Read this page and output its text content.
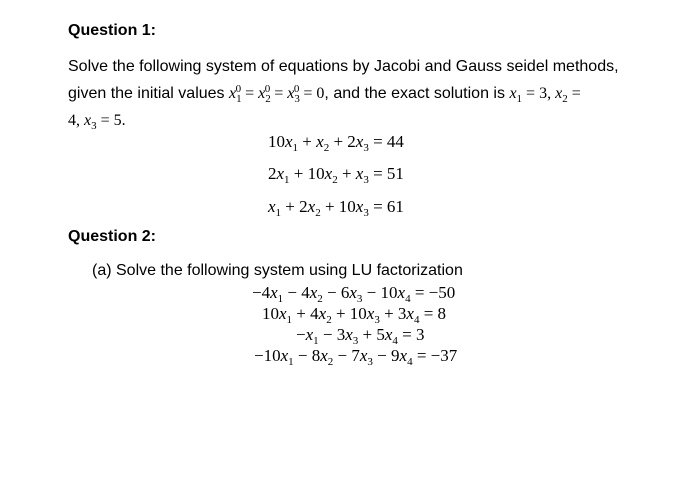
Question 1:
Solve the following system of equations by Jacobi and Gauss seidel methods,
given the initial values $x_1^0 = x_2^0 = x_3^0 = 0$, and the exact solution is $x_1 = 3$, $x_2$ =
4, $x_3 = 5$.
$10x_1 + x_2 + 2x_3 = 44$
$2x_1 + 10x_2 + x_3 = 51$
$x_1 + 2x_2 + 10x_3 = 61$
Question 2:
(a) Solve the following system using LU factorization
$-4x_1 - 4x_2 - 6x_3 - 10x_4 = -50$
$10x_1 + 4x_2 + 10x_3 + 3x_4 = 8$
$-x_1 - 3x_3 + 5x_4 = 3$
$-10x_1 - 8x_2 - 7x_3 - 9x_4 = -37$
